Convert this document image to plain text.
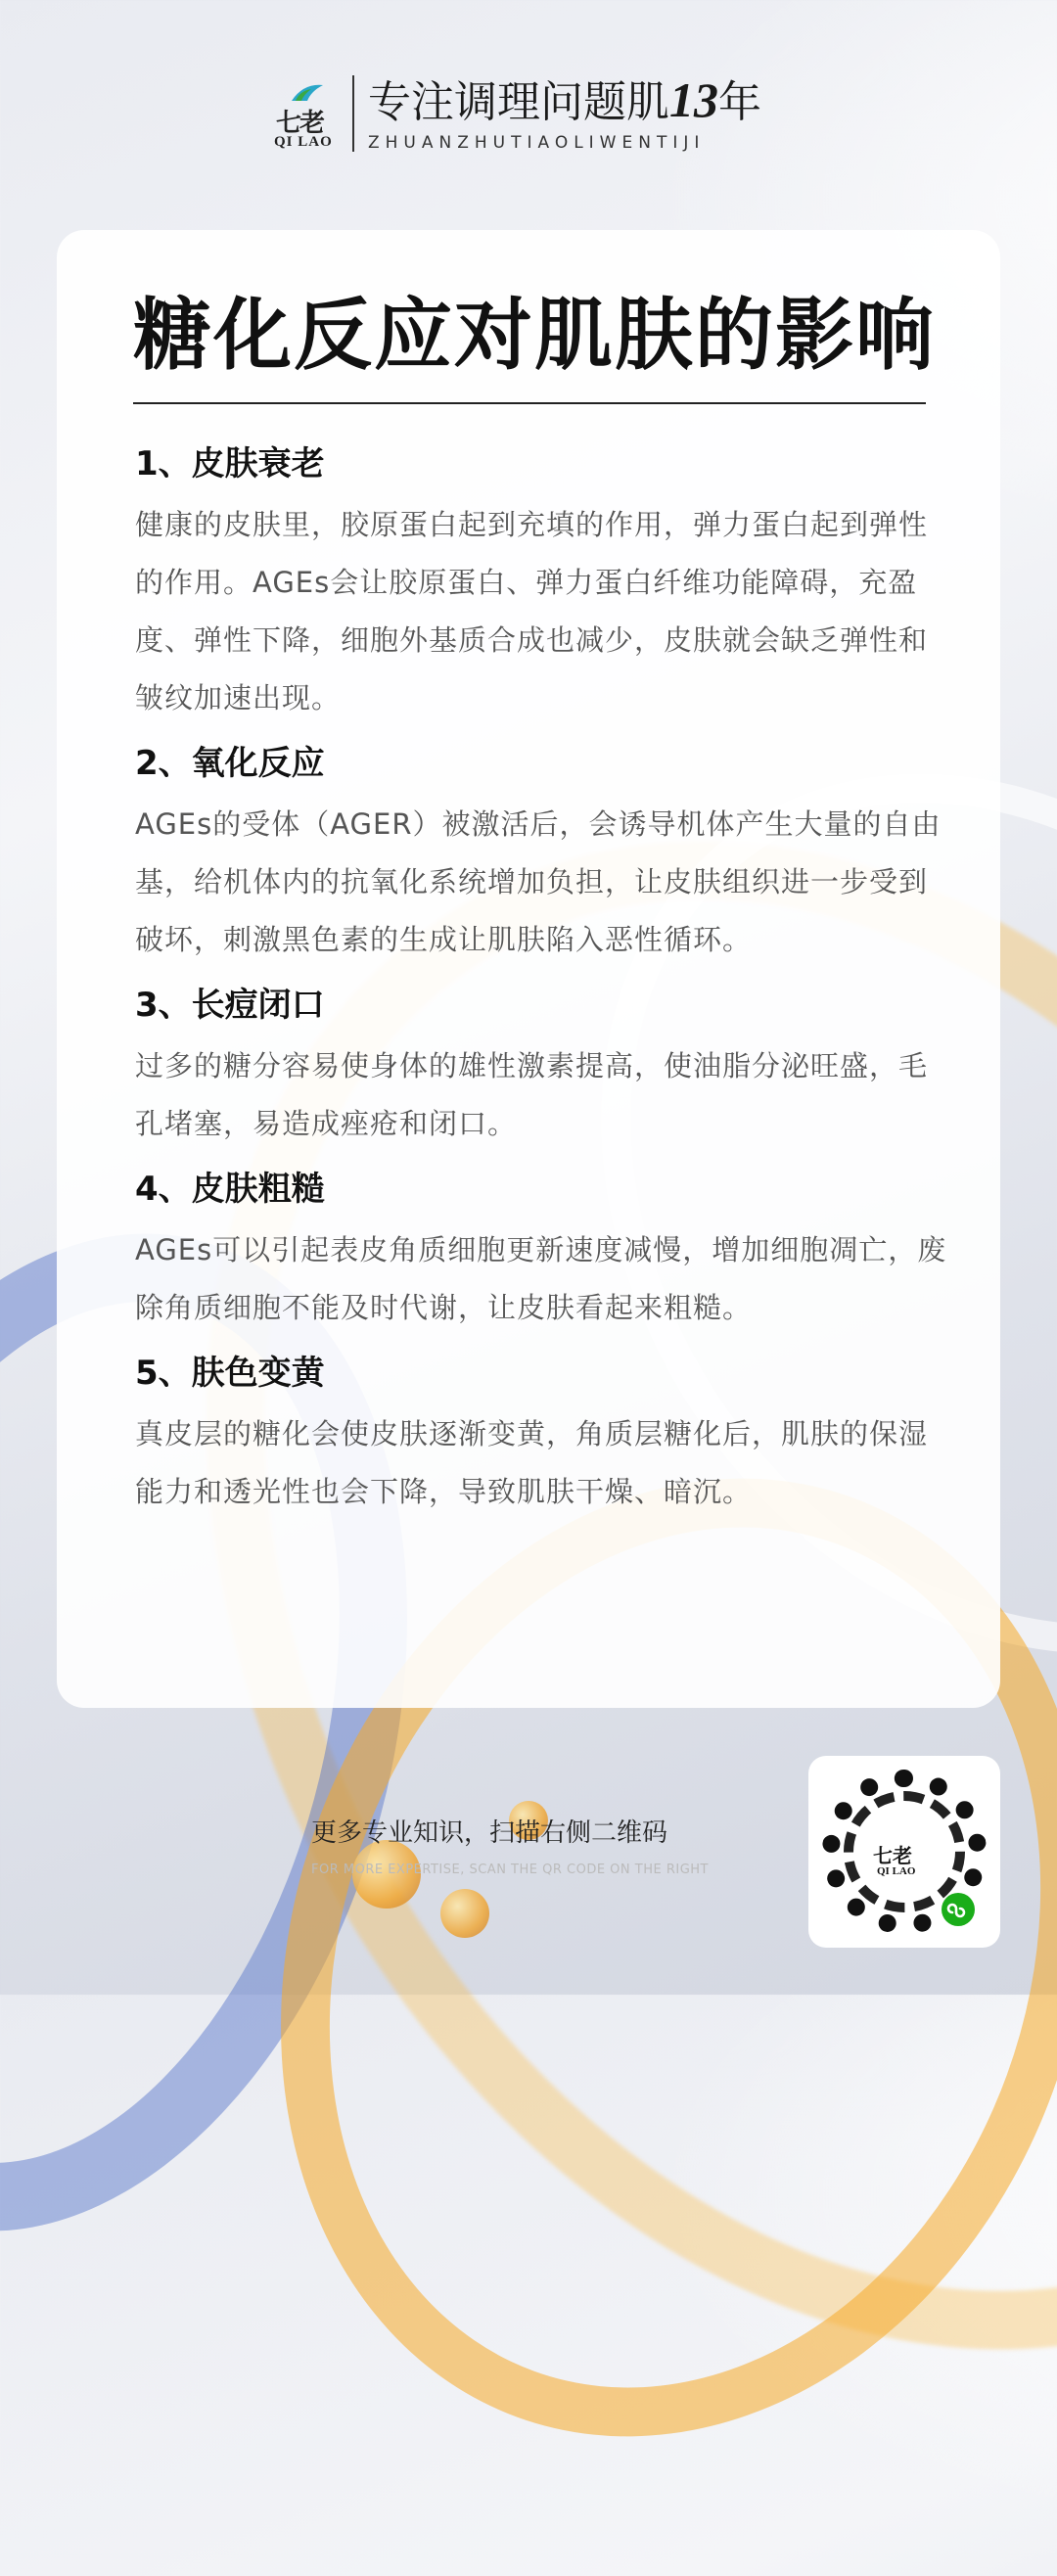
七老
QI LAO
专注调理问题肌13年
ZHUANZHUTIAOLIWENTIJI
糖化反应对肌肤的影响
1、皮肤衰老
健康的皮肤里，胶原蛋白起到充填的作用，弹力蛋白起到弹性的作用。AGEs会让胶原蛋白、弹力蛋白纤维功能障碍，充盈度、弹性下降，细胞外基质合成也减少，皮肤就会缺乏弹性和皱纹加速出现。
2、氧化反应
AGEs的受体（AGER）被激活后，会诱导机体产生大量的自由基，给机体内的抗氧化系统增加负担，让皮肤组织进一步受到破坏，刺激黑色素的生成让肌肤陷入恶性循环。
3、长痘闭口
过多的糖分容易使身体的雄性激素提高，使油脂分泌旺盛，毛孔堵塞，易造成痤疮和闭口。
4、皮肤粗糙
AGEs可以引起表皮角质细胞更新速度减慢，增加细胞凋亡，废除角质细胞不能及时代谢，让皮肤看起来粗糙。
5、肤色变黄
真皮层的糖化会使皮肤逐渐变黄，角质层糖化后，肌肤的保湿能力和透光性也会下降，导致肌肤干燥、暗沉。
更多专业知识，扫描右侧二维码
FOR MORE EXPERTISE, SCAN THE QR CODE ON THE RIGHT
七老
QI LAO
